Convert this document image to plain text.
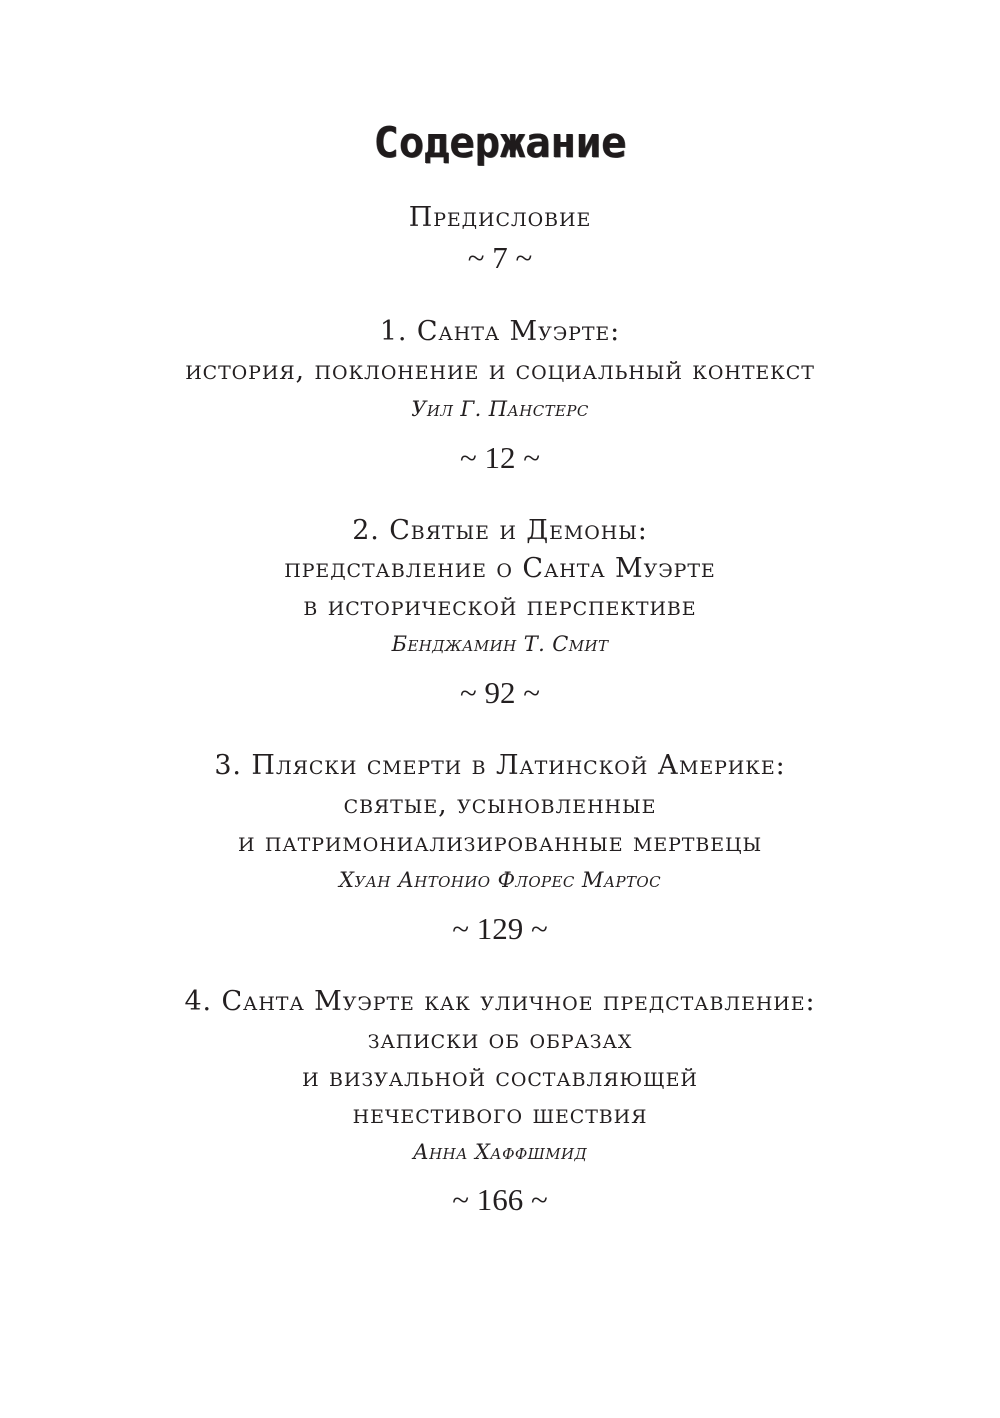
Содержание
Предисловие
~ 7 ~
1. Санта Муэрте:
история, поклонение и социальный контекст
Уил Г. Панстерс
~ 12 ~
2. Святые и Демоны:
представление о Санта Муэрте
в исторической перспективе
Бенджамин Т. Смит
~ 92 ~
3. Пляски смерти в Латинской Америке:
святые, усыновленные
и патримониализированные мертвецы
Хуан Антонио Флорес Мартос
~ 129 ~
4. Санта Муэрте как уличное представление:
записки об образах
и визуальной составляющей
нечестивого шествия
Анна Хаффшмид
~ 166 ~
